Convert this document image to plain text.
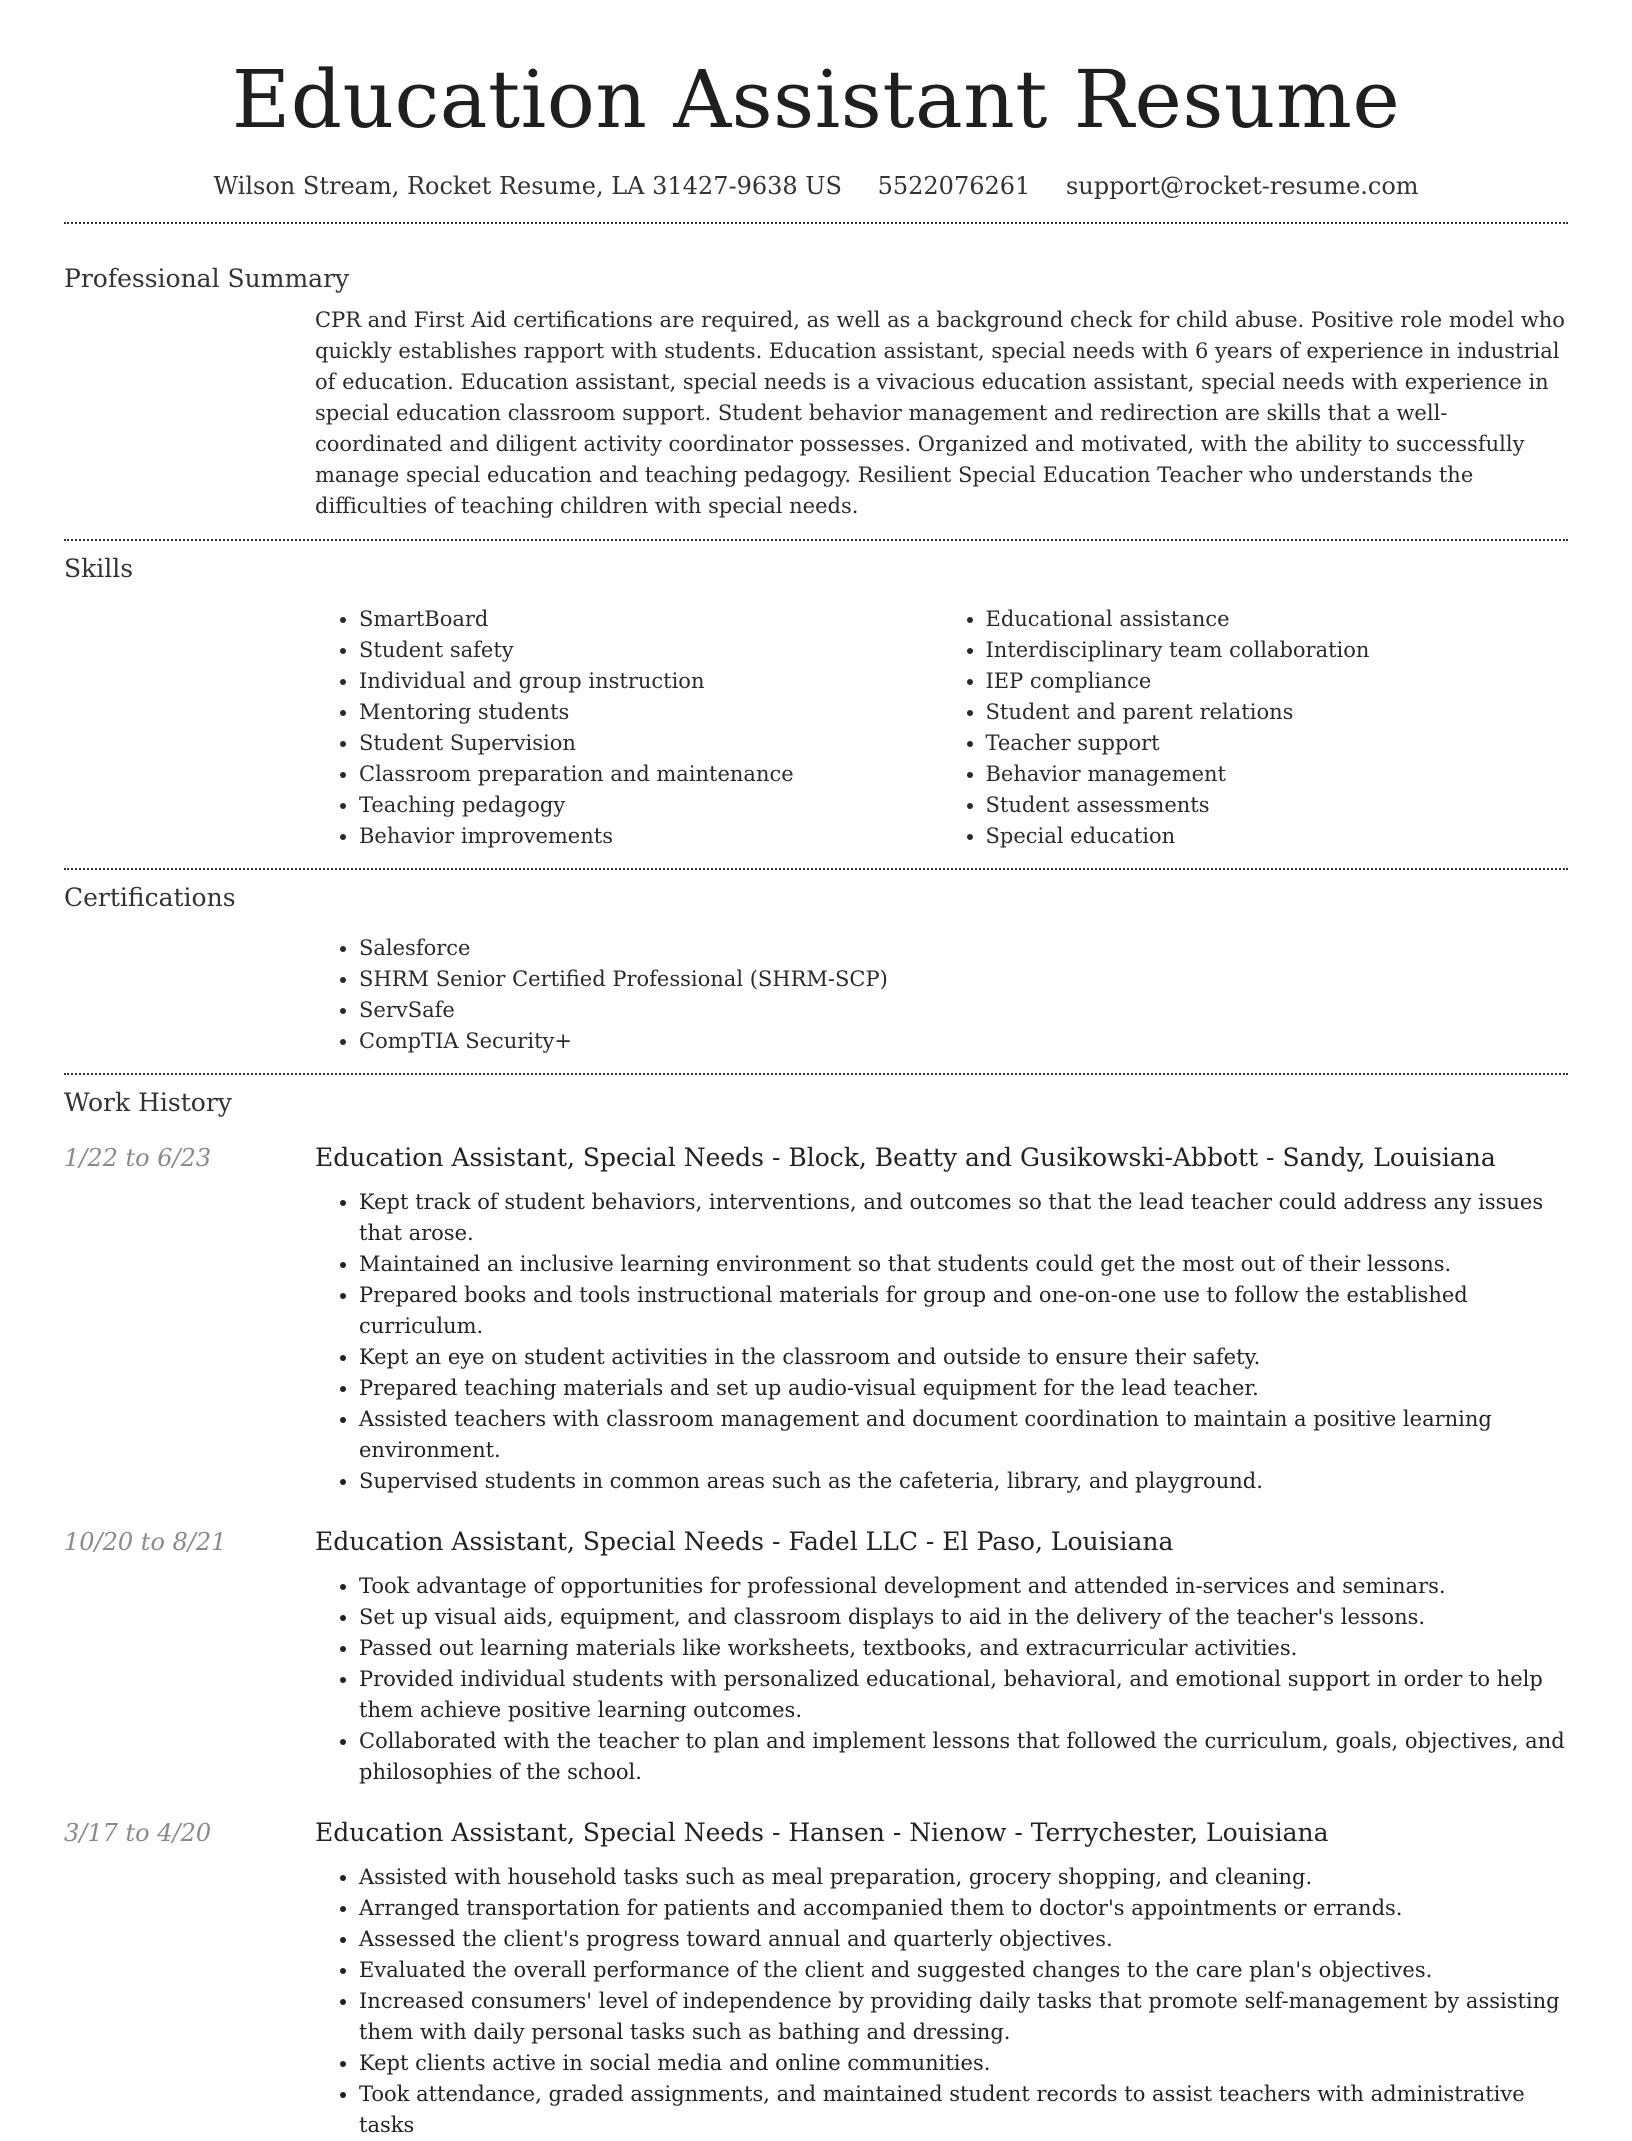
Education Assistant Resume
Wilson Stream, Rocket Resume, LA 31427-9638 US 5522076261 support@rocket-resume.com
Professional Summary

CPR and First Aid certifications are required, as well as a background check for child abuse. Positive role model who quickly establishes rapport with students. Education assistant, special needs with 6 years of experience in industrial of education. Education assistant, special needs is a vivacious education assistant, special needs with experience in special education classroom support. Student behavior management and redirection are skills that a well-coordinated and diligent activity coordinator possesses. Organized and motivated, with the ability to successfully manage special education and teaching pedagogy. Resilient Special Education Teacher who understands the difficulties of teaching children with special needs.

Skills
• SmartBoard
• Student safety
• Individual and group instruction
• Mentoring students
• Student Supervision
• Classroom preparation and maintenance
• Teaching pedagogy
• Behavior improvements
• Educational assistance
• Interdisciplinary team collaboration
• IEP compliance
• Student and parent relations
• Teacher support
• Behavior management
• Student assessments
• Special education
Certifications
• Salesforce
• SHRM Senior Certified Professional (SHRM-SCP)
• ServSafe
• CompTIA Security+
Work History
1/22 to 6/23	Education Assistant, Special Needs - Block, Beatty and Gusikowski-Abbott - Sandy, Louisiana
• Kept track of student behaviors, interventions, and outcomes so that the lead teacher could address any issues that arose.
• Maintained an inclusive learning environment so that students could get the most out of their lessons.
• Prepared books and tools instructional materials for group and one-on-one use to follow the established curriculum.
• Kept an eye on student activities in the classroom and outside to ensure their safety.
• Prepared teaching materials and set up audio-visual equipment for the lead teacher.
• Assisted teachers with classroom management and document coordination to maintain a positive learning environment.
• Supervised students in common areas such as the cafeteria, library, and playground.
10/20 to 8/21	Education Assistant, Special Needs - Fadel LLC - El Paso, Louisiana
• Took advantage of opportunities for professional development and attended in-services and seminars.
• Set up visual aids, equipment, and classroom displays to aid in the delivery of the teacher's lessons.
• Passed out learning materials like worksheets, textbooks, and extracurricular activities.
• Provided individual students with personalized educational, behavioral, and emotional support in order to help them achieve positive learning outcomes.
• Collaborated with the teacher to plan and implement lessons that followed the curriculum, goals, objectives, and philosophies of the school.
3/17 to 4/20	Education Assistant, Special Needs - Hansen - Nienow - Terrychester, Louisiana
• Assisted with household tasks such as meal preparation, grocery shopping, and cleaning.
• Arranged transportation for patients and accompanied them to doctor's appointments or errands.
• Assessed the client's progress toward annual and quarterly objectives.
• Evaluated the overall performance of the client and suggested changes to the care plan's objectives.
• Increased consumers' level of independence by providing daily tasks that promote self-management by assisting them with daily personal tasks such as bathing and dressing.
• Kept clients active in social media and online communities.
• Took attendance, graded assignments, and maintained student records to assist teachers with administrative tasks
